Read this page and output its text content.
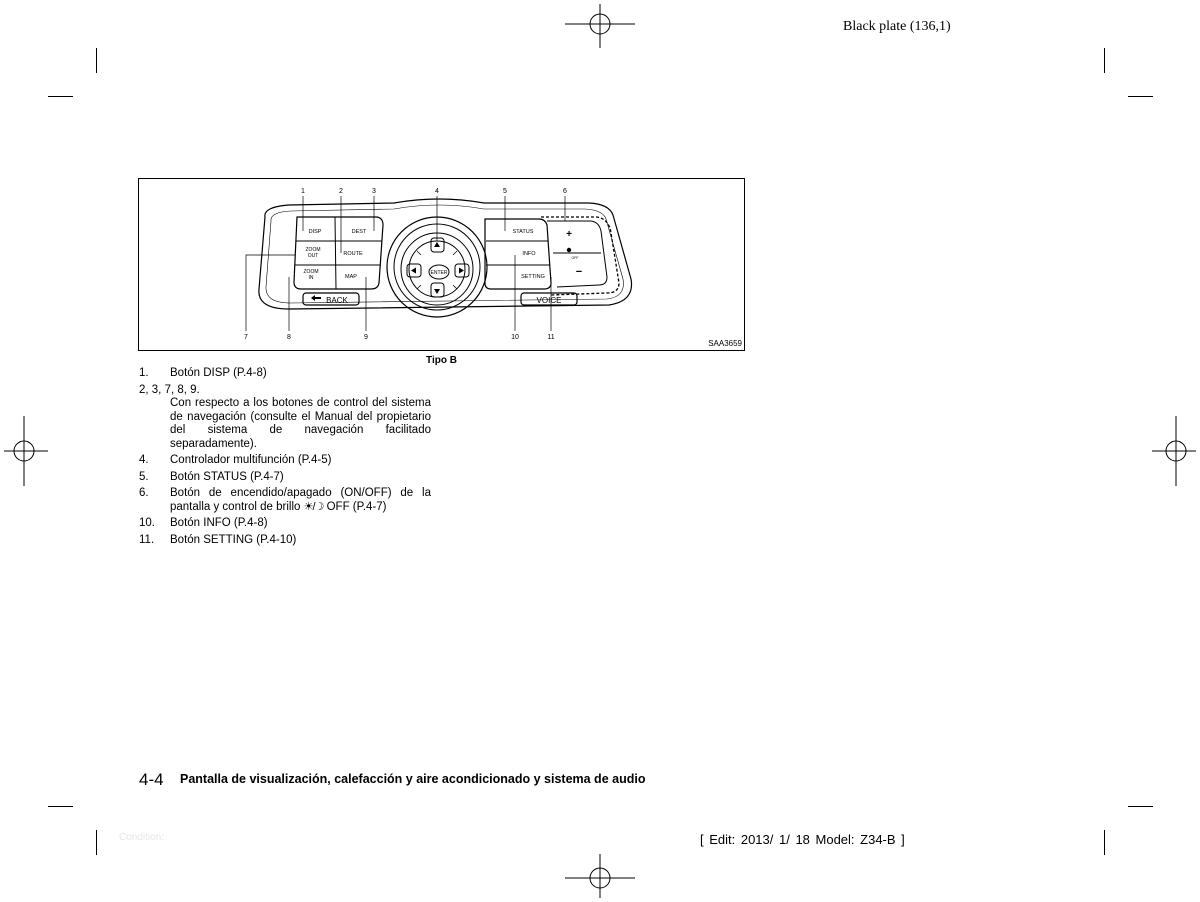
Black plate (136,1)
1	2	3	4	5	6
7	8	9	10	11
SAA3659
DISP	DEST
ZOOM
OUT	ROUTE
ZOOM
IN	MAP
BACK
ENTER
STATUS
INFO
SETTING
VOICE
+
−
OFF
Tipo B
1.	Botón DISP (P.4-8)
2, 3, 7, 8, 9.
Con respecto a los botones de control del sistema de navegación (consulte el Manual del propietario del sistema de navegación facilitado separadamente).
4.	Controlador multifunción (P.4-5)
5.	Botón STATUS (P.4-7)
6.	Botón de encendido/apagado (ON/OFF) de la pantalla y control de brillo ☀/☽ OFF (P.4-7)
10.	Botón INFO (P.4-8)
11.	Botón SETTING (P.4-10)
4-4 Pantalla de visualización, calefacción y aire acondicionado y sistema de audio
Condition:	[ Edit: 2013/ 1/ 18 Model: Z34-B ]
